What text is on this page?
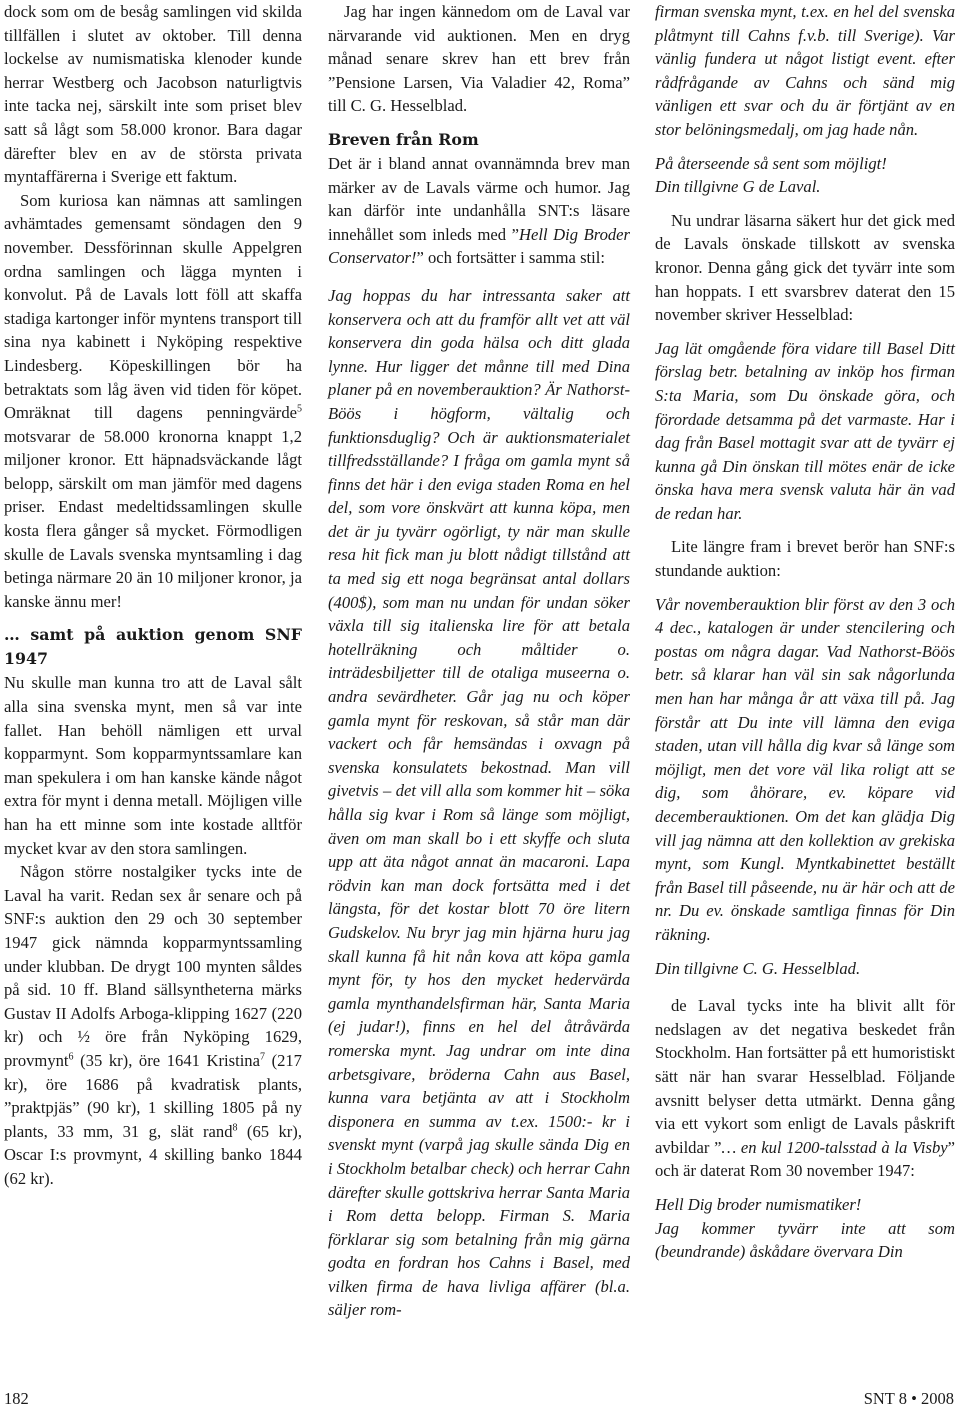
dock som om de besåg samlingen vid skilda tillfällen i slutet av oktober. Till denna lockelse av numismatiska klenoder kunde herrar Westberg och Jacobson naturligtvis inte tacka nej, särskilt inte som priset blev satt så lågt som 58.000 kronor. Bara dagar därefter blev en av de största privata myntaffärerna i Sverige ett faktum.

Som kuriosa kan nämnas att samlingen avhämtades gemensamt söndagen den 9 november. Dessförinnan skulle Appelgren ordna samlingen och lägga mynten i konvolut. På de Lavals lott föll att skaffa stadiga kartonger inför myntens transport till sina nya kabinett i Nyköping respektive Lindesberg. Köpeskillingen bör ha betraktats som låg även vid tiden för köpet. Omräknat till dagens penningvärde$^5$ motsvarar de 58.000 kronorna knappt 1,2 miljoner kronor. Ett häpnadsväckande lågt belopp, särskilt om man jämför med dagens priser. Endast medeltidssamlingen skulle kosta flera gånger så mycket. Förmodligen skulle de Lavals svenska myntsamling i dag betinga närmare 20 än 10 miljoner kronor, ja kanske ännu mer!

… samt på auktion genom SNF 1947

Nu skulle man kunna tro att de Laval sålt alla sina svenska mynt, men så var inte fallet. Han behöll nämligen ett urval kopparmynt. Som kopparmyntssamlare kan man spekulera i om han kanske kände något extra för mynt i denna metall. Möjligen ville han ha ett minne som inte kostade alltför mycket kvar av den stora samlingen.

Någon större nostalgiker tycks inte de Laval ha varit. Redan sex år senare och på SNF:s auktion den 29 och 30 september 1947 gick nämnda kopparmyntssamling under klubban. De drygt 100 mynten såldes på sid. 10 ff. Bland sällsyntheterna märks Gustav II Adolfs Arboga-klipping 1627 (220 kr) och ½ öre från Nyköping 1629, provmynt$^6$ (35 kr), öre 1641 Kristina$^7$ (217 kr), öre 1686 på kvadratisk plants, ”praktpjäs” (90 kr), 1 skilling 1805 på ny plants, 33 mm, 31 g, slät rand$^8$ (65 kr), Oscar I:s provmynt, 4 skilling banko 1844 (62 kr).

Jag har ingen kännedom om de Laval var närvarande vid auktionen. Men en dryg månad senare skrev han ett brev från ”Pensione Larsen, Via Valadier 42, Roma” till C. G. Hesselblad.

Breven från Rom

Det är i bland annat ovannämnda brev man märker av de Lavals värme och humor. Jag kan därför inte undanhålla SNT:s läsare innehållet som inleds med ”Hell Dig Broder Conservator!” och fortsätter i samma stil:

Jag hoppas du har intressanta saker att konservera och att du framför allt vet att väl konservera din goda hälsa och ditt glada lynne. Hur ligger det månne till med Dina planer på en novemberauktion? Är Nathorst-Böös i högform, vältalig och funktionsduglig? Och är auktionsmaterialet tillfredsställande? I fråga om gamla mynt så finns det här i den eviga staden Roma en hel del, som vore önskvärt att kunna köpa, men det är ju tyvärr ogörligt, ty när man skulle resa hit fick man ju blott nådigt tillstånd att ta med sig ett noga begränsat antal dollars (400$), som man nu undan för undan söker växla till sig italienska lire för att betala hotellräkning och måltider o. inträdesbiljetter till de otaliga museerna o. andra sevärdheter. Går jag nu och köper gamla mynt för reskovan, så står man där vackert och får hemsändas i oxvagn på svenska konsulatets bekostnad. Man vill givetvis – det vill alla som kommer hit – söka hålla sig kvar i Rom så länge som möjligt, även om man skall bo i ett skyffe och sluta upp att äta något annat än macaroni. Lapa rödvin kan man dock fortsätta med i det längsta, för det kostar blott 70 öre litern Gudskelov. Nu bryr jag min hjärna huru jag skall kunna få hit nån kova att köpa gamla mynt för, ty hos den mycket hedervärda gamla mynthandelsfirman här, Santa Maria (ej judar!), finns en hel del åtråvärda romerska mynt. Jag undrar om inte dina arbetsgivare, bröderna Cahn aus Basel, kunna vara betjänta av att i Stockholm disponera en summa av t.ex. 1500:- kr i svenskt mynt (varpå jag skulle sända Dig en i Stockholm betalbar check) och herrar Cahn därefter skulle gottskriva herrar Santa Maria i Rom detta belopp. Firman S. Maria förklarar sig som betalning från mig gärna godta en fordran hos Cahns i Basel, med vilken firma de hava livliga affärer (bl.a. säljer rom-

firman svenska mynt, t.ex. en hel del svenska plåtmynt till Cahns f.v.b. till Sverige). Var vänlig fundera ut något listigt event. efter rådfrågande av Cahns och sänd mig vänligen ett svar och du är förtjänt av en stor belöningsmedalj, om jag hade nån.

På återseende så sent som möjligt!

Din tillgivne G de Laval.

Nu undrar läsarna säkert hur det gick med de Lavals önskade tillskott av svenska kronor. Denna gång gick det tyvärr inte som han hoppats. I ett svarsbrev daterat den 15 november skriver Hesselblad:

Jag lät omgående föra vidare till Basel Ditt förslag betr. betalning av inköp hos firman S:ta Maria, som Du önskade göra, och förordade detsamma på det varmaste. Har i dag från Basel mottagit svar att de tyvärr ej kunna gå Din önskan till mötes enär de icke önska hava mera svensk valuta här än vad de redan har.

Lite längre fram i brevet berör han SNF:s stundande auktion:

Vår novemberauktion blir först av den 3 och 4 dec., katalogen är under stencilering och postas om några dagar. Vad Nathorst-Böös betr. så klarar han väl sin sak någorlunda men han har många år att växa till på. Jag förstår att Du inte vill lämna den eviga staden, utan vill hålla dig kvar så länge som möjligt, men det vore väl lika roligt att se dig, som åhörare, ev. köpare vid decemberauktionen. Om det kan glädja Dig vill jag nämna att den kollektion av grekiska mynt, som Kungl. Myntkabinettet beställt från Basel till påseende, nu är här och att de nr. Du ev. önskade samtliga finnas för Din räkning.

Din tillgivne C. G. Hesselblad.

de Laval tycks inte ha blivit allt för nedslagen av det negativa beskedet från Stockholm. Han fortsätter på ett humoristiskt sätt när han svarar Hesselblad. Följande avsnitt belyser detta utmärkt. Denna gång via ett vykort som enligt de Lavals påskrift avbildar ”… en kul 1200-talsstad à la Visby” och är daterat Rom 30 november 1947:

Hell Dig broder numismatiker!

Jag kommer tyvärr inte att som (beundrande) åskådare övervara Din

182	SNT 8 • 2008
